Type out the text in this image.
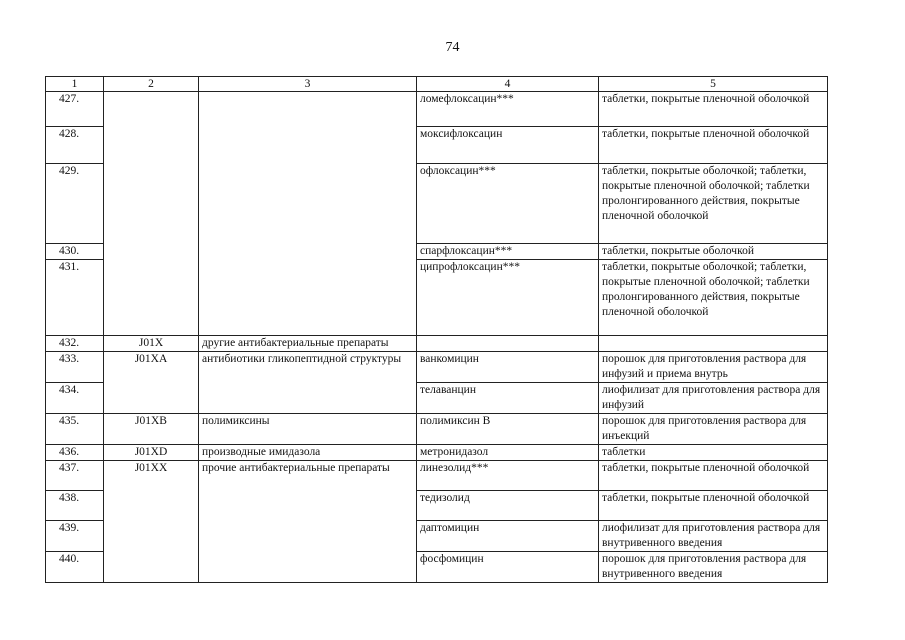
74
1	2	3	4	5
427.			ломефлоксацин***	таблетки, покрытые пленочной оболочкой
428.			моксифлоксацин	таблетки, покрытые пленочной оболочкой
429.			офлоксацин***	таблетки, покрытые оболочкой; таблетки, покрытые пленочной оболочкой; таблетки пролонгированного действия, покрытые пленочной оболочкой
430.			спарфлоксацин***	таблетки, покрытые оболочкой
431.			ципрофлоксацин***	таблетки, покрытые оболочкой; таблетки, покрытые пленочной оболочкой; таблетки пролонгированного действия, покрытые пленочной оболочкой
432.	J01X	другие антибактериальные препараты		
433.	J01XA	антибиотики гликопептидной структуры	ванкомицин	порошок для приготовления раствора для инфузий и приема внутрь
434.			телаванцин	лиофилизат для приготовления раствора для инфузий
435.	J01XB	полимиксины	полимиксин В	порошок для приготовления раствора для инъекций
436.	J01XD	производные имидазола	метронидазол	таблетки
437.	J01XX	прочие антибактериальные препараты	линезолид***	таблетки, покрытые пленочной оболочкой
438.			тедизолид	таблетки, покрытые пленочной оболочкой
439.			даптомицин	лиофилизат для приготовления раствора для внутривенного введения
440.			фосфомицин	порошок для приготовления раствора для внутривенного введения
